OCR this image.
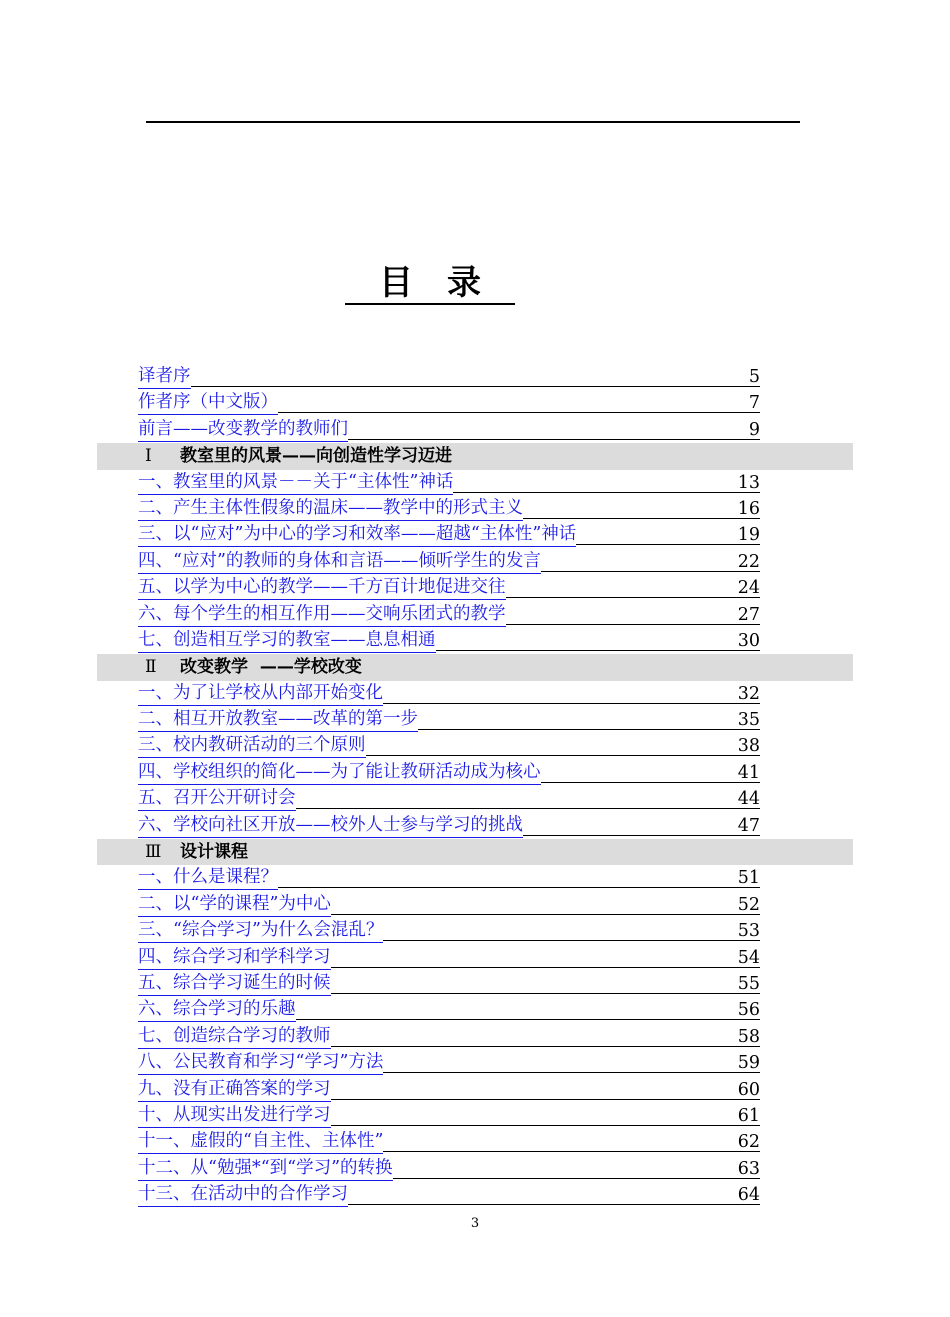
目录
译者序	5
作者序（中文版）	7
前言——改变教学的教师们	9
Ⅰ 教室里的风景——向创造性学习迈进
一、教室里的风景－－关于“主体性”神话	13
二、产生主体性假象的温床——教学中的形式主义	16
三、以“应对”为中心的学习和效率——超越“主体性”神话	19
四、“应对”的教师的身体和言语——倾听学生的发言	22
五、以学为中心的教学——千方百计地促进交往	24
六、每个学生的相互作用——交响乐团式的教学	27
七、创造相互学习的教室——息息相通	30
Ⅱ 改变教学  ——学校改变
一、为了让学校从内部开始变化	32
二、相互开放教室——改革的第一步	35
三、校内教研活动的三个原则	38
四、学校组织的简化——为了能让教研活动成为核心	41
五、召开公开研讨会	44
六、学校向社区开放——校外人士参与学习的挑战	47
Ⅲ 设计课程
一、什么是课程？	51
二、以“学的课程”为中心	52
三、“综合学习”为什么会混乱？	53
四、综合学习和学科学习	54
五、综合学习诞生的时候	55
六、综合学习的乐趣	56
七、创造综合学习的教师	58
八、公民教育和学习“学习”方法	59
九、没有正确答案的学习	60
十、从现实出发进行学习	61
十一、虚假的“自主性、主体性”	62
十二、从“勉强*“到“学习”的转换	63
十三、在活动中的合作学习	64
3
